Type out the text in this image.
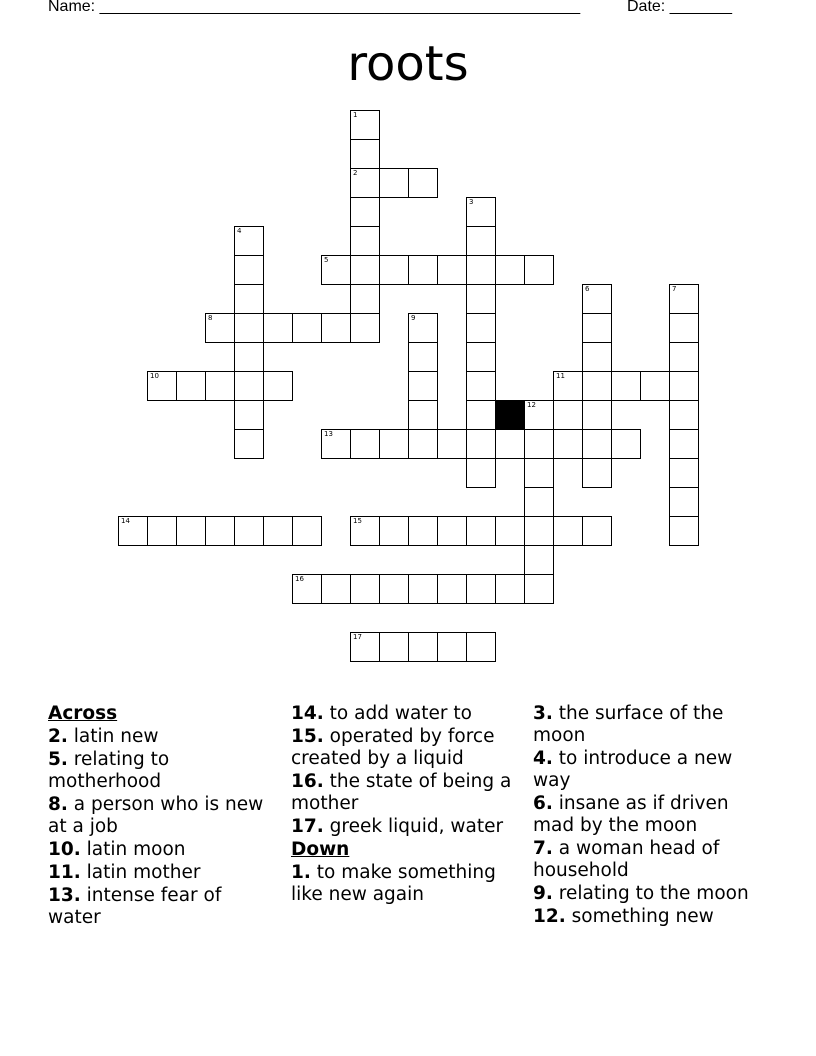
Name: ______________________________________________________	Date: _______
roots
2
5
8
10	11
13
14	15
16
17
1
3
4
6	7
9
12
Across
2. latin new
5. relating to motherhood
8. a person who is new at a job
10. latin moon
11. latin mother
13. intense fear of water
14. to add water to
15. operated by force created by a liquid
16. the state of being a mother
17. greek liquid, water
Down
1. to make something like new again
3. the surface of the moon
4. to introduce a new way
6. insane as if driven mad by the moon
7. a woman head of household
9. relating to the moon
12. something new
